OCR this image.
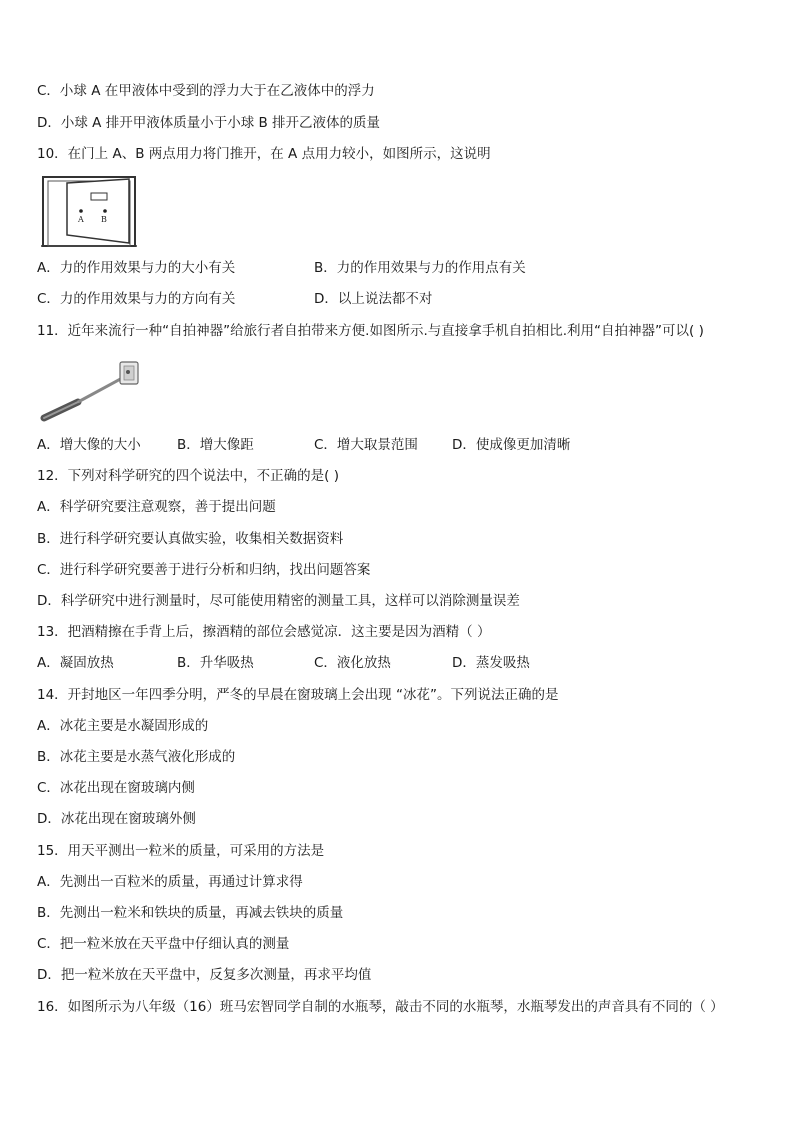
C．小球 A 在甲液体中受到的浮力大于在乙液体中的浮力
D．小球 A 排开甲液体质量小于小球 B 排开乙液体的质量
10．在门上 A、B 两点用力将门推开，在 A 点用力较小，如图所示，这说明
A B
A．力的作用效果与力的大小有关	B．力的作用效果与力的作用点有关
C．力的作用效果与力的方向有关	D．以上说法都不对
11．近年来流行一种“自拍神器”给旅行者自拍带来方便.如图所示.与直接拿手机自拍相比.利用“自拍神器”可以( )
A．增大像的大小	B．增大像距	C．增大取景范围	D．使成像更加清晰
12．下列对科学研究的四个说法中，不正确的是( )
A．科学研究要注意观察，善于提出问题
B．进行科学研究要认真做实验，收集相关数据资料
C．进行科学研究要善于进行分析和归纳，找出问题答案
D．科学研究中进行测量时，尽可能使用精密的测量工具，这样可以消除测量误差
13．把酒精擦在手背上后，擦酒精的部位会感觉凉．这主要是因为酒精（ ）
A．凝固放热	B．升华吸热	C．液化放热	D．蒸发吸热
14．开封地区一年四季分明，严冬的早晨在窗玻璃上会出现 “冰花”。下列说法正确的是
A．冰花主要是水凝固形成的
B．冰花主要是水蒸气液化形成的
C．冰花出现在窗玻璃内侧
D．冰花出现在窗玻璃外侧
15．用天平测出一粒米的质量，可采用的方法是
A．先测出一百粒米的质量，再通过计算求得
B．先测出一粒米和铁块的质量，再减去铁块的质量
C．把一粒米放在天平盘中仔细认真的测量
D．把一粒米放在天平盘中，反复多次测量，再求平均值
16．如图所示为八年级（16）班马宏智同学自制的水瓶琴，敲击不同的水瓶琴，水瓶琴发出的声音具有不同的（ ）
